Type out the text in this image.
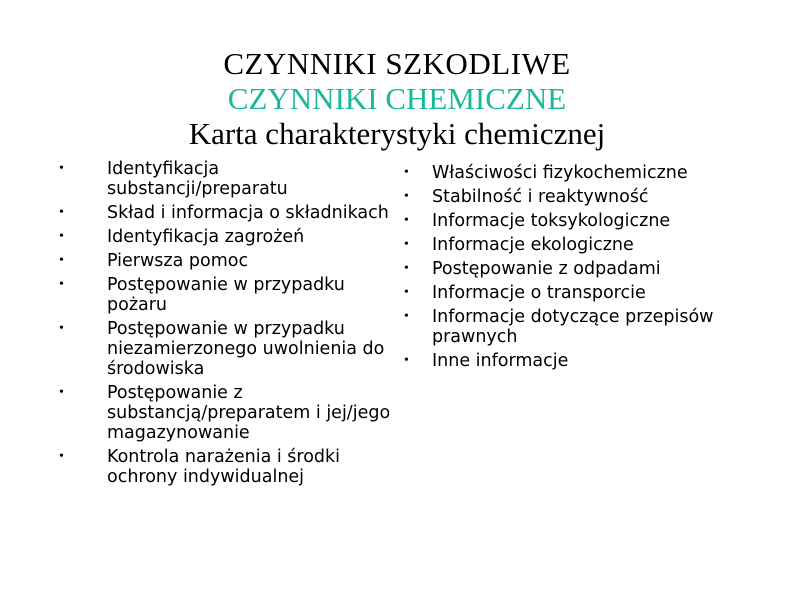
CZYNNIKI SZKODLIWE
CZYNNIKI CHEMICZNE
Karta charakterystyki chemicznej
• Identyfikacja substancji/preparatu
• Skład i informacja o składnikach
• Identyfikacja zagrożeń
• Pierwsza pomoc
• Postępowanie w przypadku pożaru
• Postępowanie w przypadku niezamierzonego uwolnienia do środowiska
• Postępowanie z substancją/preparatem i jej/jego magazynowanie
• Kontrola narażenia i środki ochrony indywidualnej
• Właściwości fizykochemiczne
• Stabilność i reaktywność
• Informacje toksykologiczne
• Informacje ekologiczne
• Postępowanie z odpadami
• Informacje o transporcie
• Informacje dotyczące przepisów prawnych
• Inne informacje
